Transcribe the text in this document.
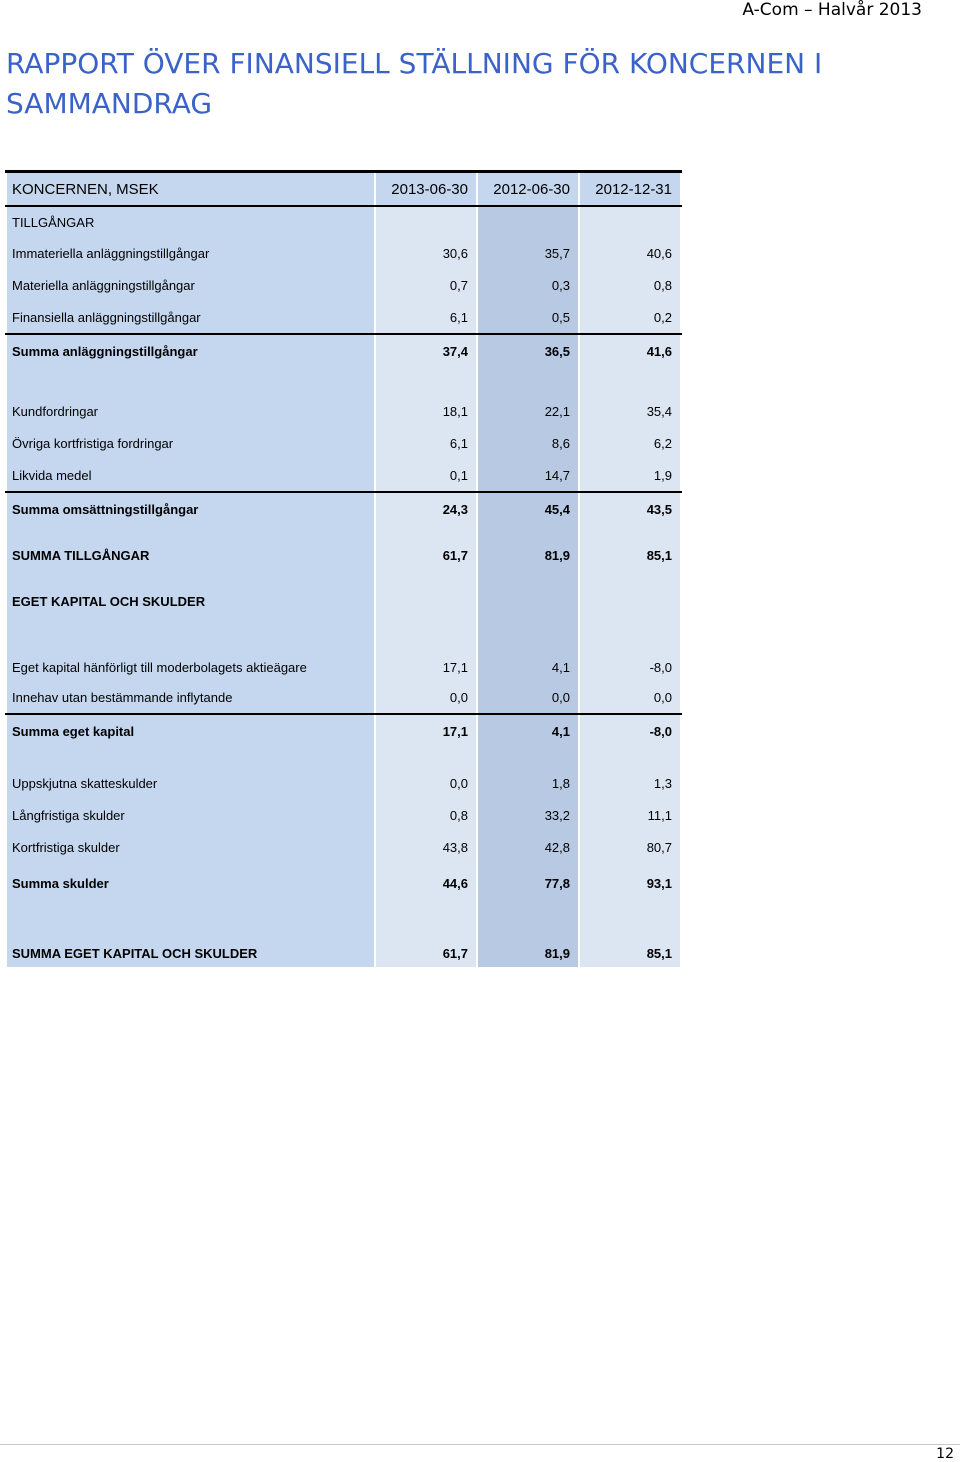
A-Com – Halvår 2013
RAPPORT ÖVER FINANSIELL STÄLLNING FÖR KONCERNEN I SAMMANDRAG
KONCERNEN, MSEK	2013-06-30	2012-06-30	2012-12-31
TILLGÅNGAR			
Immateriella anläggningstillgångar	30,6	35,7	40,6
Materiella anläggningstillgångar	0,7	0,3	0,8
Finansiella anläggningstillgångar	6,1	0,5	0,2
Summa anläggningstillgångar	37,4	36,5	41,6

Kundfordringar	18,1	22,1	35,4
Övriga kortfristiga fordringar	6,1	8,6	6,2
Likvida medel	0,1	14,7	1,9
Summa omsättningstillgångar	24,3	45,4	43,5

SUMMA TILLGÅNGAR	61,7	81,9	85,1

EGET KAPITAL OCH SKULDER			
Eget kapital hänförligt till moderbolagets aktieägare	17,1	4,1	-8,0
Innehav utan bestämmande inflytande	0,0	0,0	0,0
Summa eget kapital	17,1	4,1	-8,0

Uppskjutna skatteskulder	0,0	1,8	1,3
Långfristiga skulder	0,8	33,2	11,1
Kortfristiga skulder	43,8	42,8	80,7
Summa skulder	44,6	77,8	93,1
SUMMA EGET KAPITAL OCH SKULDER	61,7	81,9	85,1
12
